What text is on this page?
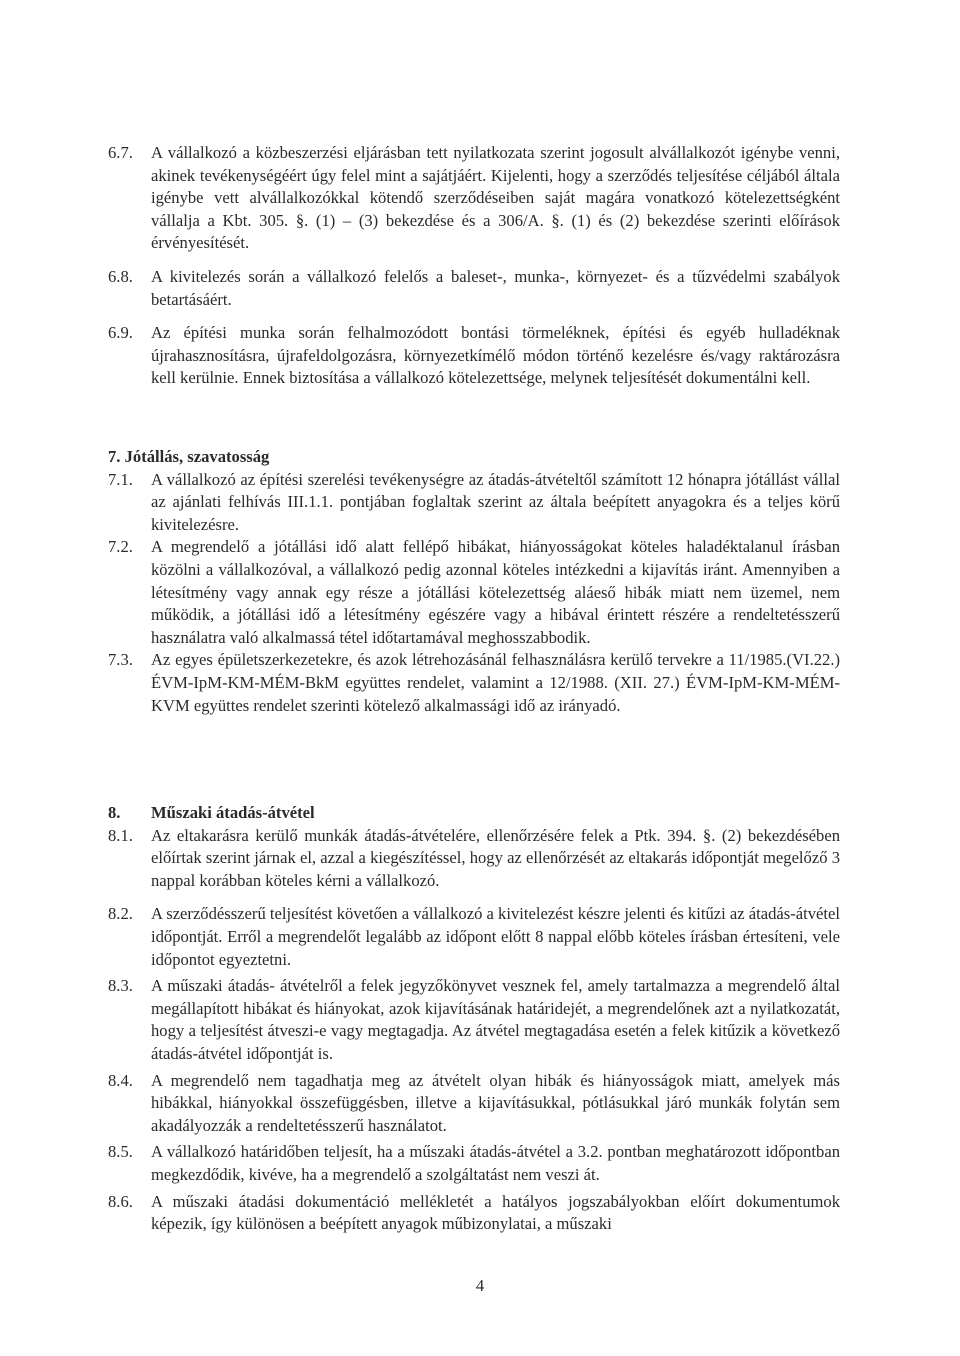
6.7. A vállalkozó a közbeszerzési eljárásban tett nyilatkozata szerint jogosult alvállalkozót igénybe venni, akinek tevékenységéért úgy felel mint a sajátjáért. Kijelenti, hogy a szerződés teljesítése céljából általa igénybe vett alvállalkozókkal kötendő szerződéseiben saját magára vonatkozó kötelezettségként vállalja a Kbt. 305. §. (1) – (3) bekezdése és a 306/A. §. (1) és (2) bekezdése szerinti előírások érvényesítését.
6.8. A kivitelezés során a vállalkozó felelős a baleset-, munka-, környezet- és a tűzvédelmi szabályok betartásáért.
6.9. Az építési munka során felhalmozódott bontási törmeléknek, építési és egyéb hulladéknak újrahasznosításra, újrafeldolgozásra, környezetkímélő módon történő kezelésre és/vagy raktározásra kell kerülnie. Ennek biztosítása a vállalkozó kötelezettsége, melynek teljesítését dokumentálni kell.
7. Jótállás, szavatosság
7.1. A vállalkozó az építési szerelési tevékenységre az átadás-átvételtől számított 12 hónapra jótállást vállal az ajánlati felhívás III.1.1. pontjában foglaltak szerint az általa beépített anyagokra és a teljes körű kivitelezésre.
7.2. A megrendelő a jótállási idő alatt fellépő hibákat, hiányosságokat köteles haladéktalanul írásban közölni a vállalkozóval, a vállalkozó pedig azonnal köteles intézkedni a kijavítás iránt. Amennyiben a létesítmény vagy annak egy része a jótállási kötelezettség aláeső hibák miatt nem üzemel, nem működik, a jótállási idő a létesítmény egészére vagy a hibával érintett részére a rendeltetésszerű használatra való alkalmassá tétel időtartamával meghosszabbodik.
7.3. Az egyes épületszerkezetekre, és azok létrehozásánál felhasználásra kerülő tervekre a 11/1985.(VI.22.) ÉVM-IpM-KM-MÉM-BkM együttes rendelet, valamint a 12/1988. (XII. 27.) ÉVM-IpM-KM-MÉM-KVM együttes rendelet szerinti kötelező alkalmassági idő az irányadó.
8. Műszaki átadás-átvétel
8.1. Az eltakarásra kerülő munkák átadás-átvételére, ellenőrzésére felek a Ptk. 394. §. (2) bekezdésében előírtak szerint járnak el, azzal a kiegészítéssel, hogy az ellenőrzését az eltakarás időpontját megelőző 3 nappal korábban köteles kérni a vállalkozó.
8.2. A szerződésszerű teljesítést követően a vállalkozó a kivitelezést készre jelenti és kitűzi az átadás-átvétel időpontját. Erről a megrendelőt legalább az időpont előtt 8 nappal előbb köteles írásban értesíteni, vele időpontot egyeztetni.
8.3. A műszaki átadás- átvételről a felek jegyzőkönyvet vesznek fel, amely tartalmazza a megrendelő által megállapított hibákat és hiányokat, azok kijavításának határidejét, a megrendelőnek azt a nyilatkozatát, hogy a teljesítést átveszi-e vagy megtagadja. Az átvétel megtagadása esetén a felek kitűzik a következő átadás-átvétel időpontját is.
8.4. A megrendelő nem tagadhatja meg az átvételt olyan hibák és hiányosságok miatt, amelyek más hibákkal, hiányokkal összefüggésben, illetve a kijavításukkal, pótlásukkal járó munkák folytán sem akadályozzák a rendeltetésszerű használatot.
8.5. A vállalkozó határidőben teljesít, ha a műszaki átadás-átvétel a 3.2. pontban meghatározott időpontban megkezdődik, kivéve, ha a megrendelő a szolgáltatást nem veszi át.
8.6. A műszaki átadási dokumentáció mellékletét a hatályos jogszabályokban előírt dokumentumok képezik, így különösen a beépített anyagok műbizonylatai, a műszaki
4
